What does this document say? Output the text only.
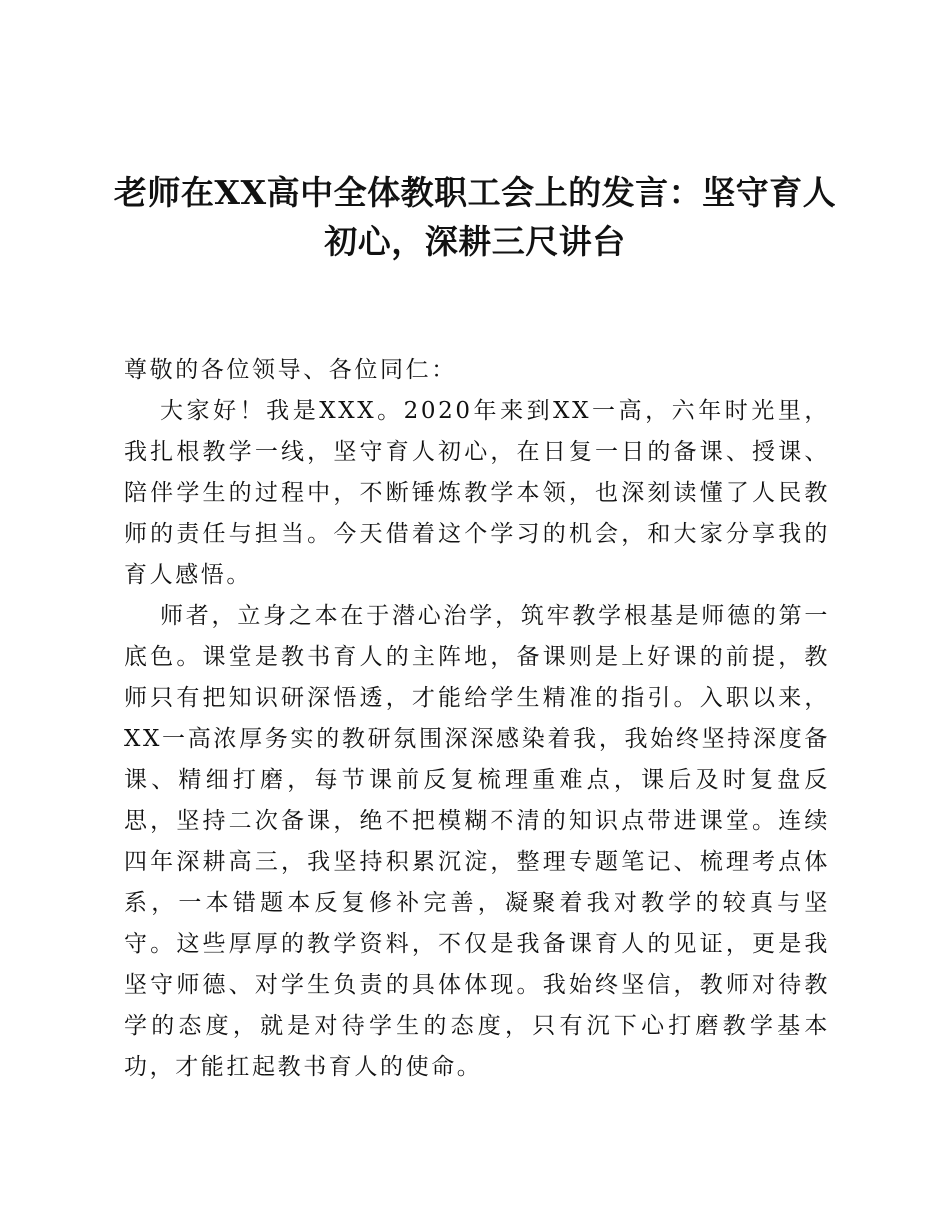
老师在XX高中全体教职工会上的发言：坚守育人初心，深耕三尺讲台

尊敬的各位领导、各位同仁：

大家好！我是XXX。2020年来到XX一高，六年时光里，我扎根教学一线，坚守育人初心，在日复一日的备课、授课、陪伴学生的过程中，不断锤炼教学本领，也深刻读懂了人民教师的责任与担当。今天借着这个学习的机会，和大家分享我的育人感悟。

师者，立身之本在于潜心治学，筑牢教学根基是师德的第一底色。课堂是教书育人的主阵地，备课则是上好课的前提，教师只有把知识研深悟透，才能给学生精准的指引。入职以来，XX一高浓厚务实的教研氛围深深感染着我，我始终坚持深度备课、精细打磨，每节课前反复梳理重难点，课后及时复盘反思，坚持二次备课，绝不把模糊不清的知识点带进课堂。连续四年深耕高三，我坚持积累沉淀，整理专题笔记、梳理考点体系，一本错题本反复修补完善，凝聚着我对教学的较真与坚守。这些厚厚的教学资料，不仅是我备课育人的见证，更是我坚守师德、对学生负责的具体体现。我始终坚信，教师对待教学的态度，就是对待学生的态度，只有沉下心打磨教学基本功，才能扛起教书育人的使命。
